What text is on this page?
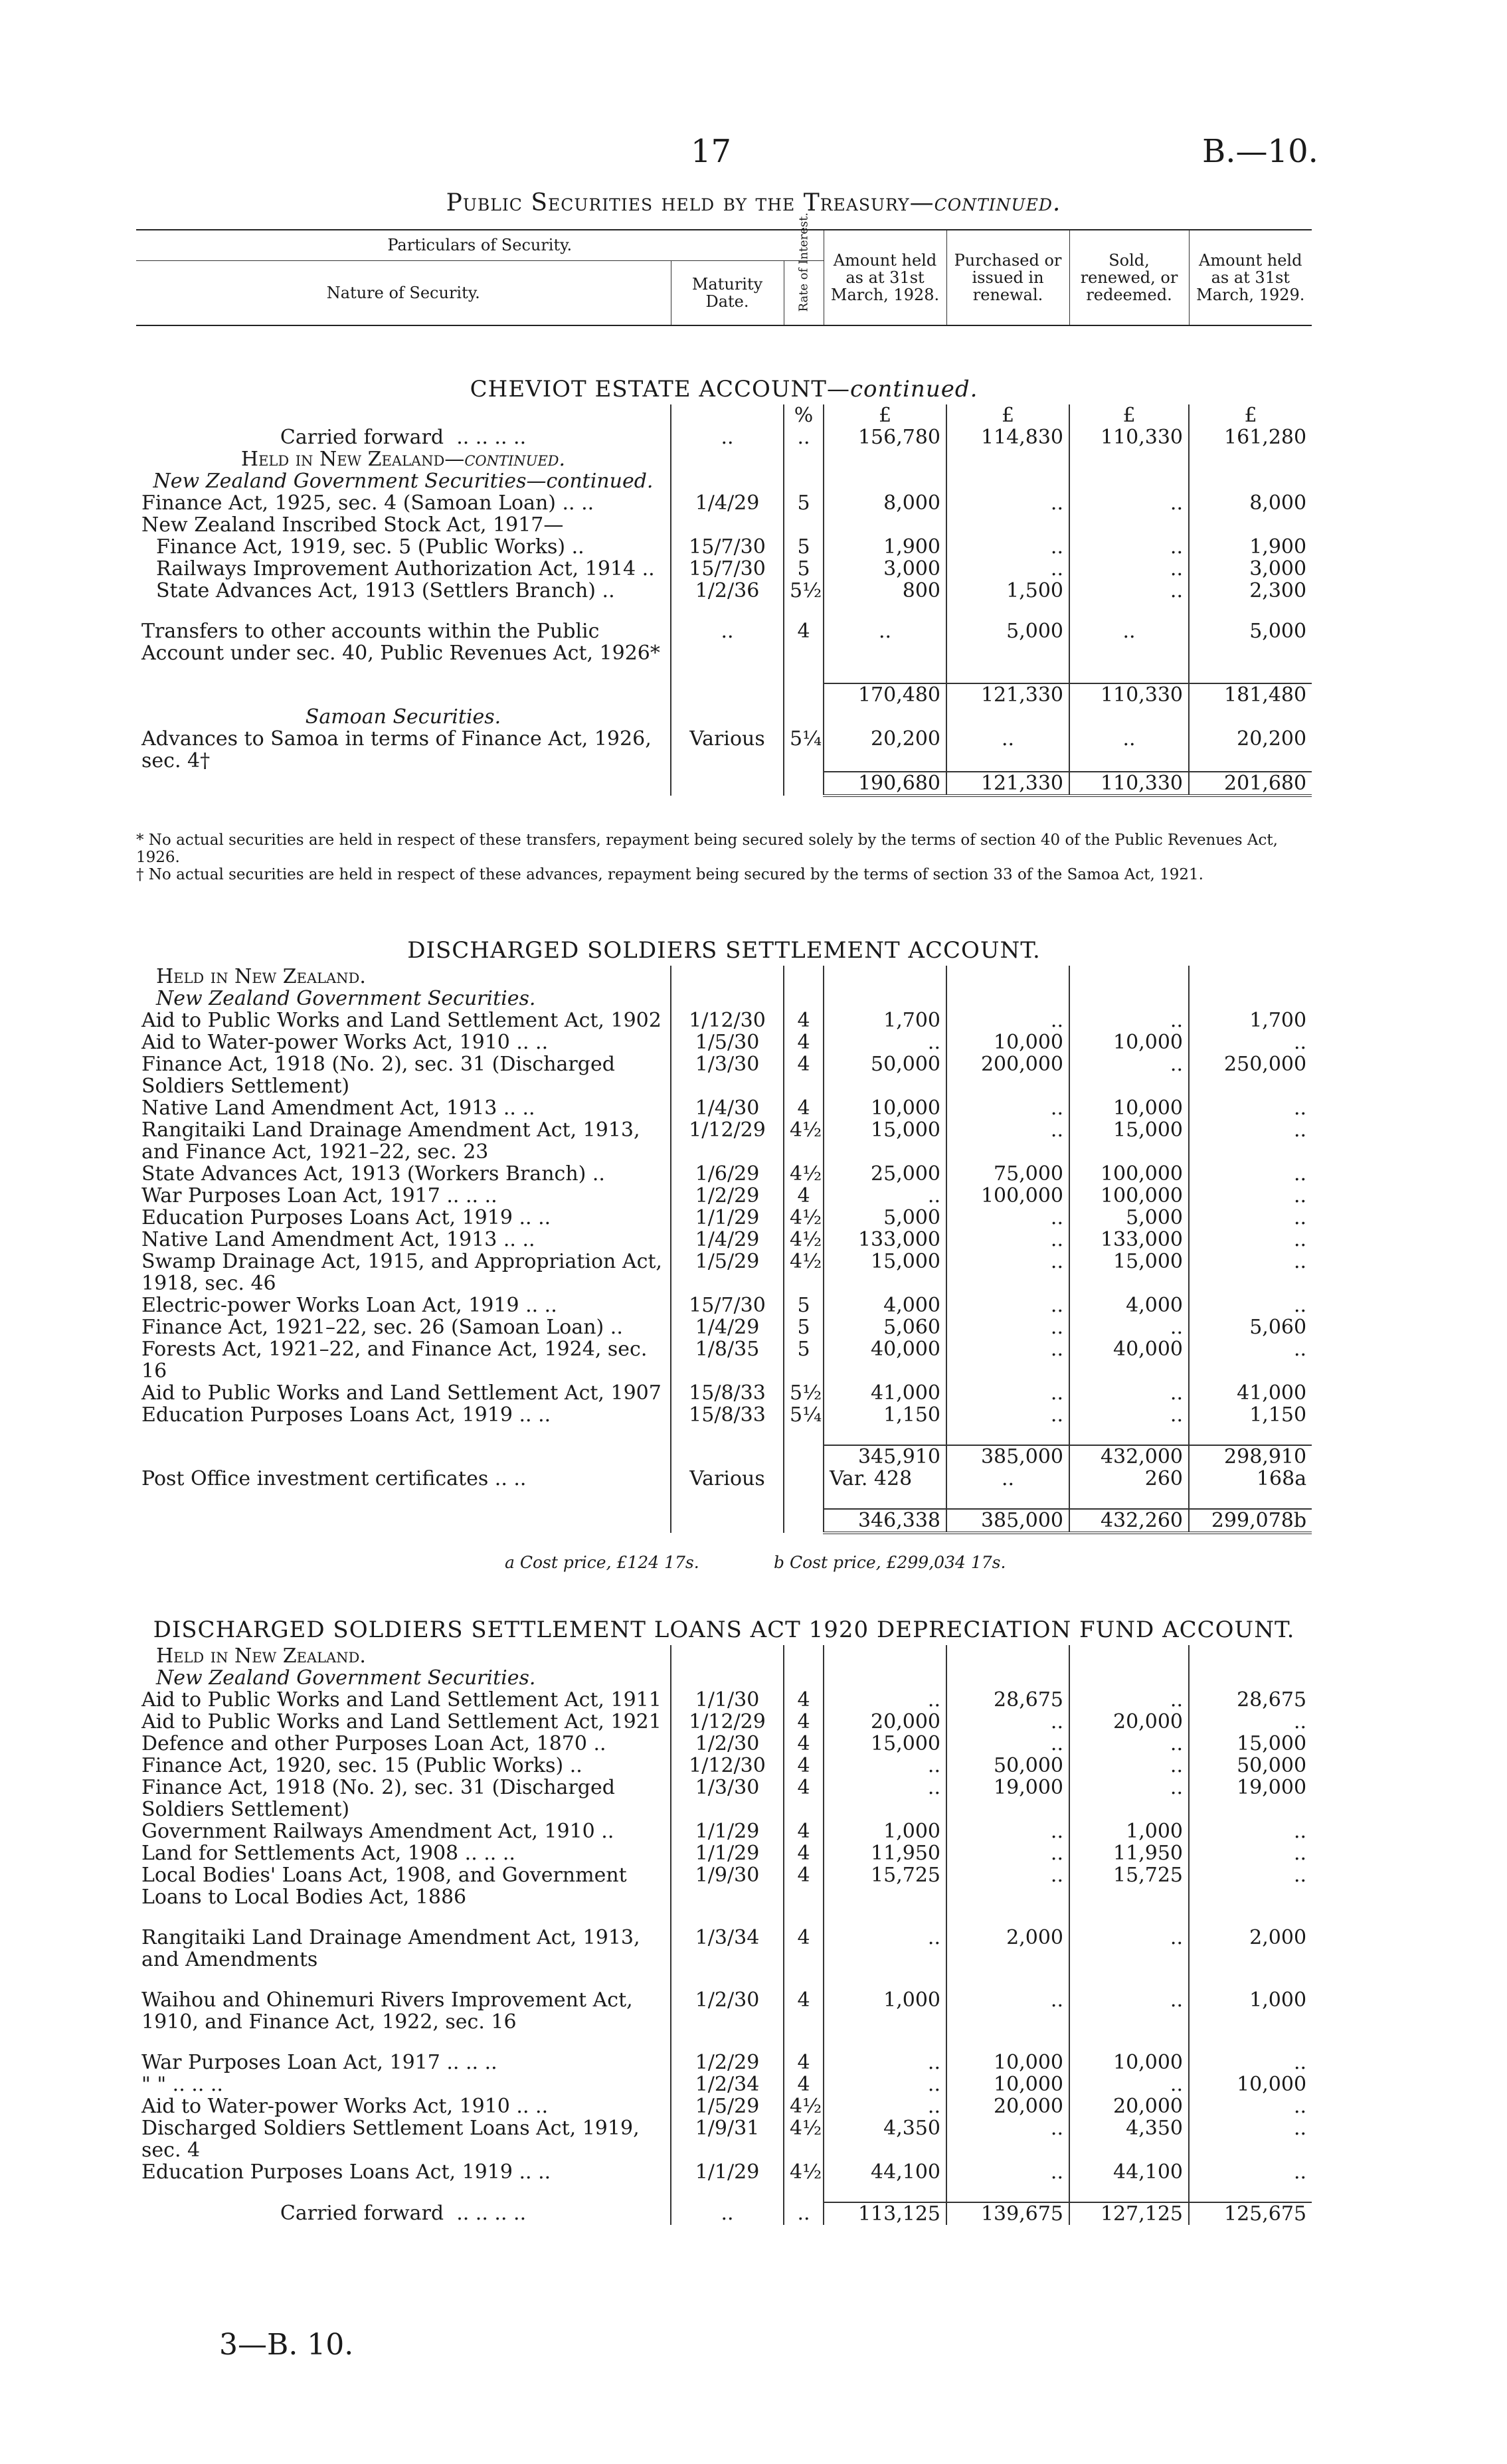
17	B.—10.
Public Securities held by the Treasury—continued.
Particulars of Security.			Amount held as at 31st March, 1928.	Purchased or issued in renewal.	Sold, renewed, or redeemed.	Amount held as at 31st March, 1929.
Nature of Security.	Maturity Date.	Rate of Interest.				
CHEVIOT ESTATE ACCOUNT—continued.						
		%	£	£	£	£
Carried forward .. .. .. ..	..	..	156,780	114,830	110,330	161,280
Held in New Zealand—continued.						
New Zealand Government Securities—continued.						
Finance Act, 1925, sec. 4 (Samoan Loan) .. ..	1/4/29	5	8,000	..	..	8,000
New Zealand Inscribed Stock Act, 1917—						
Finance Act, 1919, sec. 5 (Public Works) ..	15/7/30	5	1,900	..	..	1,900
Railways Improvement Authorization Act, 1914 ..	15/7/30	5	3,000	..	..	3,000
State Advances Act, 1913 (Settlers Branch) ..	1/2/36	5½	800	1,500	..	2,300

Transfers to other accounts within the Public Account under sec. 40, Public Revenues Act, 1926*	..	4	..	5,000	..	5,000

			170,480	121,330	110,330	181,480
Samoan Securities.						
Advances to Samoa in terms of Finance Act, 1926, sec. 4†	Various	5¼	20,200	..	..	20,200
			190,680	121,330	110,330	201,680
* No actual securities are held in respect of these transfers, repayment being secured solely by the terms of section 40 of the Public Revenues Act, 1926.
† No actual securities are held in respect of these advances, repayment being secured by the terms of section 33 of the Samoa Act, 1921.
DISCHARGED SOLDIERS SETTLEMENT ACCOUNT.						
Held in New Zealand.						
New Zealand Government Securities.						
Aid to Public Works and Land Settlement Act, 1902	1/12/30	4	1,700	..	..	1,700
Aid to Water-power Works Act, 1910 .. ..	1/5/30	4	..	10,000	10,000	..
Finance Act, 1918 (No. 2), sec. 31 (Discharged Soldiers Settlement)	1/3/30	4	50,000	200,000	..	250,000
Native Land Amendment Act, 1913 .. ..	1/4/30	4	10,000	..	10,000	..
Rangitaiki Land Drainage Amendment Act, 1913, and Finance Act, 1921–22, sec. 23	1/12/29	4½	15,000	..	15,000	..
State Advances Act, 1913 (Workers Branch) ..	1/6/29	4½	25,000	75,000	100,000	..
War Purposes Loan Act, 1917 .. .. ..	1/2/29	4	..	100,000	100,000	..
Education Purposes Loans Act, 1919 .. ..	1/1/29	4½	5,000	..	5,000	..
Native Land Amendment Act, 1913 .. ..	1/4/29	4½	133,000	..	133,000	..
Swamp Drainage Act, 1915, and Appropriation Act, 1918, sec. 46	1/5/29	4½	15,000	..	15,000	..
Electric-power Works Loan Act, 1919 .. ..	15/7/30	5	4,000	..	4,000	..
Finance Act, 1921–22, sec. 26 (Samoan Loan) ..	1/4/29	5	5,060	..	..	5,060
Forests Act, 1921–22, and Finance Act, 1924, sec. 16	1/8/35	5	40,000	..	40,000	..
Aid to Public Works and Land Settlement Act, 1907	15/8/33	5½	41,000	..	..	41,000
Education Purposes Loans Act, 1919 .. ..	15/8/33	5¼	1,150	..	..	1,150

			345,910	385,000	432,000	298,910
Post Office investment certificates .. ..	Various		Var. 428	..	260	168a

			346,338	385,000	432,260	299,078b
a Cost price, £124 17s.	b Cost price, £299,034 17s.
DISCHARGED SOLDIERS SETTLEMENT LOANS ACT 1920 DEPRECIATION FUND ACCOUNT.						
Held in New Zealand.						
New Zealand Government Securities.						
Aid to Public Works and Land Settlement Act, 1911	1/1/30	4	..	28,675	..	28,675
Aid to Public Works and Land Settlement Act, 1921	1/12/29	4	20,000	..	20,000	..
Defence and other Purposes Loan Act, 1870 ..	1/2/30	4	15,000	..	..	15,000
Finance Act, 1920, sec. 15 (Public Works) ..	1/12/30	4	..	50,000	..	50,000
Finance Act, 1918 (No. 2), sec. 31 (Discharged Soldiers Settlement)	1/3/30	4	..	19,000	..	19,000
Government Railways Amendment Act, 1910 ..	1/1/29	4	1,000	..	1,000	..
Land for Settlements Act, 1908 .. .. ..	1/1/29	4	11,950	..	11,950	..
Local Bodies' Loans Act, 1908, and Government Loans to Local Bodies Act, 1886	1/9/30	4	15,725	..	15,725	..

Rangitaiki Land Drainage Amendment Act, 1913, and Amendments	1/3/34	4	..	2,000	..	2,000

Waihou and Ohinemuri Rivers Improvement Act, 1910, and Finance Act, 1922, sec. 16	1/2/30	4	1,000	..	..	1,000

War Purposes Loan Act, 1917 .. .. ..	1/2/29	4	..	10,000	10,000	..
" " .. .. ..	1/2/34	4	..	10,000	..	10,000
Aid to Water-power Works Act, 1910 .. ..	1/5/29	4½	..	20,000	20,000	..
Discharged Soldiers Settlement Loans Act, 1919, sec. 4	1/9/31	4½	4,350	..	4,350	..
Education Purposes Loans Act, 1919 .. ..	1/1/29	4½	44,100	..	44,100	..

Carried forward .. .. .. ..	..	..	113,125	139,675	127,125	125,675
3—B. 10.
